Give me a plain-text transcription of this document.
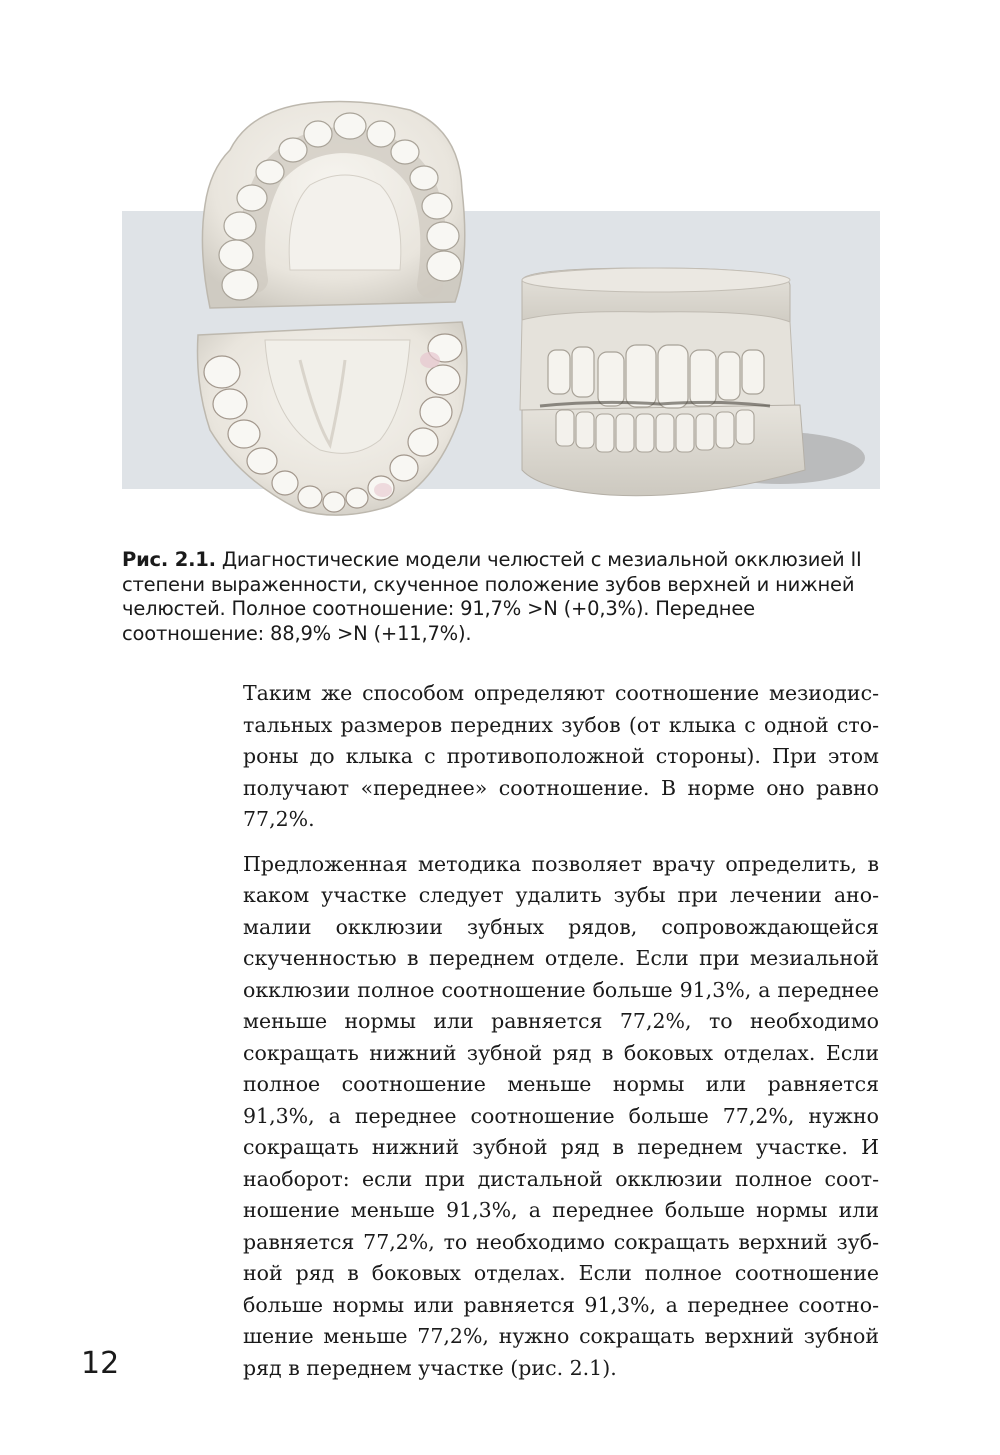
Рис. 2.1. Диагностические модели челюстей с мезиальной окклюзией II степени выраженности, скученное положение зубов верхней и нижней челюстей. Полное соотношение: 91,7% >N (+0,3%). Переднее соотношение: 88,9% >N (+11,7%).

Таким же способом определяют соотношение мезиодистальных размеров передних зубов (от клыка с одной стороны до клыка с противоположной стороны). При этом получают «переднее» соотношение. В норме оно равно 77,2%.

Предложенная методика позволяет врачу определить, в каком участке следует удалить зубы при лечении аномалии окклюзии зубных рядов, сопровождающейся скученностью в переднем отделе. Если при мезиальной окклюзии полное соотношение больше 91,3%, а переднее меньше нормы или равняется 77,2%, то необходимо сокращать нижний зубной ряд в боковых отделах. Если полное соотношение меньше нормы или равняется 91,3%, а переднее соотношение больше 77,2%, нужно сокращать нижний зубной ряд в переднем участке. И наоборот: если при дистальной окклюзии полное соотношение меньше 91,3%, а переднее больше нормы или равняется 77,2%, то необходимо сокращать верхний зубной ряд в боковых отделах. Если полное соотношение больше нормы или равняется 91,3%, а переднее соотношение меньше 77,2%, нужно сокращать верхний зубной ряд в переднем участке (рис. 2.1).

12
